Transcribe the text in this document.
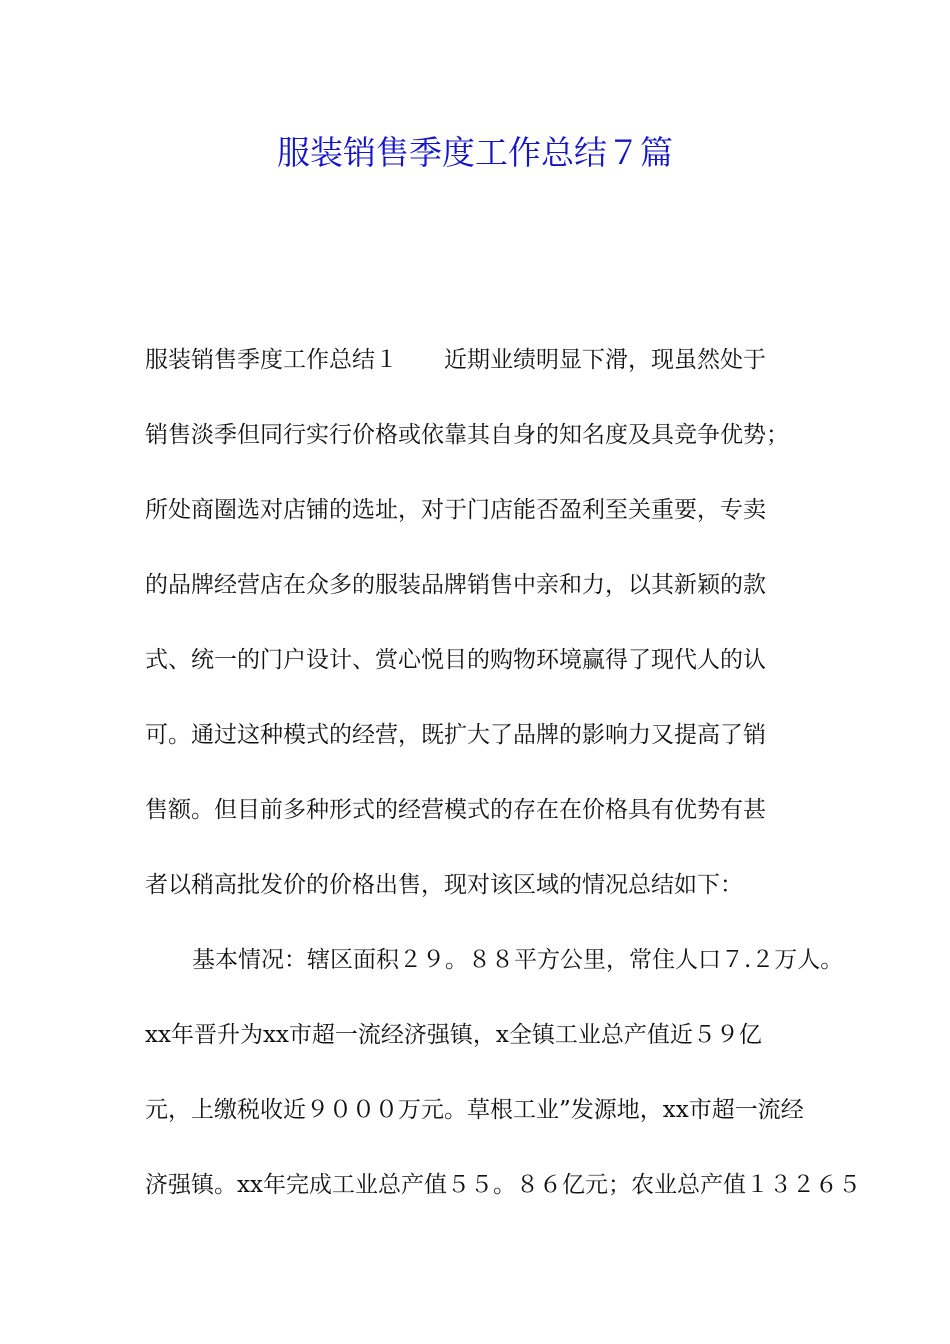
服装销售季度工作总结７篇
服装销售季度工作总结１　　近期业绩明显下滑，现虽然处于
销售淡季但同行实行价格或依靠其自身的知名度及具竞争优势；
所处商圈选对店铺的选址，对于门店能否盈利至关重要，专卖
的品牌经营店在众多的服装品牌销售中亲和力，以其新颖的款
式、统一的门户设计、赏心悦目的购物环境赢得了现代人的认
可。通过这种模式的经营，既扩大了品牌的影响力又提高了销
售额。但目前多种形式的经营模式的存在在价格具有优势有甚
者以稍高批发价的价格出售，现对该区域的情况总结如下：
基本情况：辖区面积２９。８８平方公里，常住人口７.２万人。
xx年晋升为xx市超一流经济强镇，x全镇工业总产值近５９亿
元，上缴税收近９０００万元。草根工业”发源地，xx市超一流经
济强镇。xx年完成工业总产值５５。８６亿元；农业总产值１３２６５
